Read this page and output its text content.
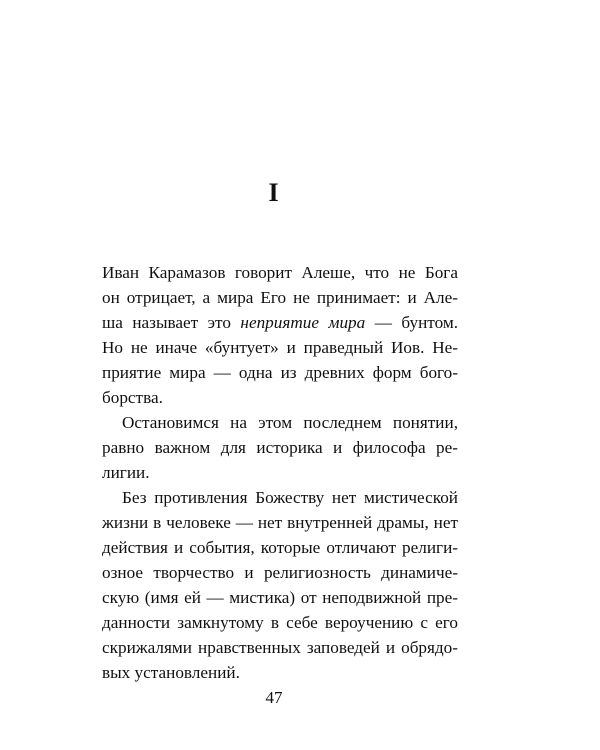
I
Иван Карамазов говорит Алеше, что не Бога
он отрицает, а мира Его не принимает: и Але-
ша называет это неприятие мира — бунтом.
Но не иначе «бунтует» и праведный Иов. Не-
приятие мира — одна из древних форм бого-
борства.
Остановимся на этом последнем понятии,
равно важном для историка и философа ре-
лигии.
Без противления Божеству нет мистической
жизни в человеке — нет внутренней драмы, нет
действия и события, которые отличают религи-
озное творчество и религиозность динамиче-
скую (имя ей — мистика) от неподвижной пре-
данности замкнутому в себе вероучению с его
скрижалями нравственных заповедей и обрядо-
вых установлений.
47
